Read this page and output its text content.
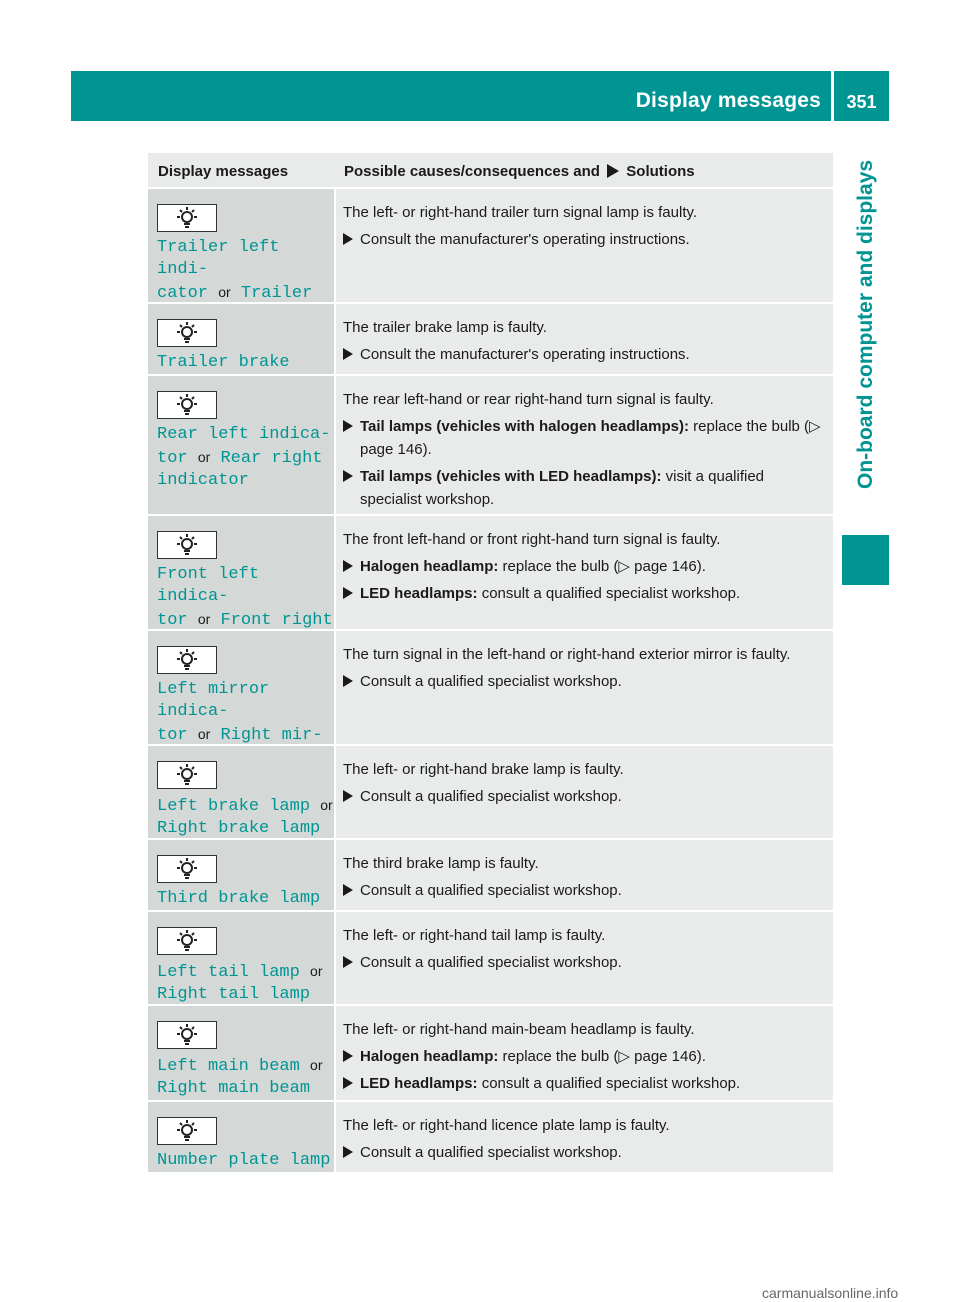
Display messages	351
On-board computer and displays
Display messages	Possible causes/consequences and Solutions
Trailer left indi-
cator or Trailer
The left- or right-hand trailer turn signal lamp is faulty.
Consult the manufacturer's operating instructions.
Trailer brake
The trailer brake lamp is faulty.
Consult the manufacturer's operating instructions.
Rear left indica-
tor or Rear right
indicator
The rear left-hand or rear right-hand turn signal is faulty.
Tail lamps (vehicles with halogen headlamps): replace the bulb (▷ page 146).
Tail lamps (vehicles with LED headlamps): visit a qualified specialist workshop.
Front left indica-
tor or Front right
The front left-hand or front right-hand turn signal is faulty.
Halogen headlamp: replace the bulb (▷ page 146).
LED headlamps: consult a qualified specialist workshop.
Left mirror indica-
tor or Right mir-
The turn signal in the left-hand or right-hand exterior mirror is faulty.
Consult a qualified specialist workshop.
Left brake lamp or
Right brake lamp
The left- or right-hand brake lamp is faulty.
Consult a qualified specialist workshop.
Third brake lamp
The third brake lamp is faulty.
Consult a qualified specialist workshop.
Left tail lamp or
Right tail lamp
The left- or right-hand tail lamp is faulty.
Consult a qualified specialist workshop.
Left main beam or
Right main beam
The left- or right-hand main-beam headlamp is faulty.
Halogen headlamp: replace the bulb (▷ page 146).
LED headlamps: consult a qualified specialist workshop.
Number plate lamp
The left- or right-hand licence plate lamp is faulty.
Consult a qualified specialist workshop.
carmanualsonline.info
